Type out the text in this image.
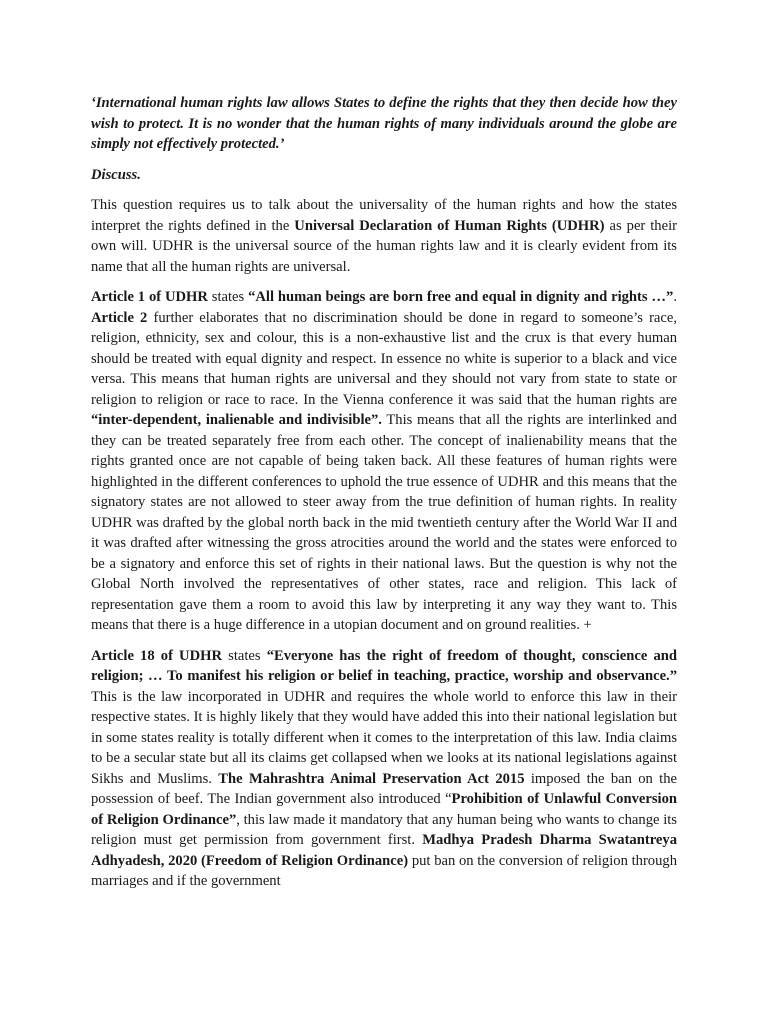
‘International human rights law allows States to define the rights that they then decide how they wish to protect. It is no wonder that the human rights of many individuals around the globe are simply not effectively protected.’

Discuss.

This question requires us to talk about the universality of the human rights and how the states interpret the rights defined in the Universal Declaration of Human Rights (UDHR) as per their own will. UDHR is the universal source of the human rights law and it is clearly evident from its name that all the human rights are universal.

Article 1 of UDHR states “All human beings are born free and equal in dignity and rights …”. Article 2 further elaborates that no discrimination should be done in regard to someone’s race, religion, ethnicity, sex and colour, this is a non-exhaustive list and the crux is that every human should be treated with equal dignity and respect. In essence no white is superior to a black and vice versa. This means that human rights are universal and they should not vary from state to state or religion to religion or race to race. In the Vienna conference it was said that the human rights are “inter-dependent, inalienable and indivisible”. This means that all the rights are interlinked and they can be treated separately free from each other. The concept of inalienability means that the rights granted once are not capable of being taken back. All these features of human rights were highlighted in the different conferences to uphold the true essence of UDHR and this means that the signatory states are not allowed to steer away from the true definition of human rights. In reality UDHR was drafted by the global north back in the mid twentieth century after the World War II and it was drafted after witnessing the gross atrocities around the world and the states were enforced to be a signatory and enforce this set of rights in their national laws. But the question is why not the Global North involved the representatives of other states, race and religion. This lack of representation gave them a room to avoid this law by interpreting it any way they want to. This means that there is a huge difference in a utopian document and on ground realities. +

Article 18 of UDHR states “Everyone has the right of freedom of thought, conscience and religion; … To manifest his religion or belief in teaching, practice, worship and observance.” This is the law incorporated in UDHR and requires the whole world to enforce this law in their respective states. It is highly likely that they would have added this into their national legislation but in some states reality is totally different when it comes to the interpretation of this law. India claims to be a secular state but all its claims get collapsed when we looks at its national legislations against Sikhs and Muslims. The Mahrashtra Animal Preservation Act 2015 imposed the ban on the possession of beef. The Indian government also introduced “Prohibition of Unlawful Conversion of Religion Ordinance”, this law made it mandatory that any human being who wants to change its religion must get permission from government first. Madhya Pradesh Dharma Swatantreya Adhyadesh, 2020 (Freedom of Religion Ordinance) put ban on the conversion of religion through marriages and if the government
